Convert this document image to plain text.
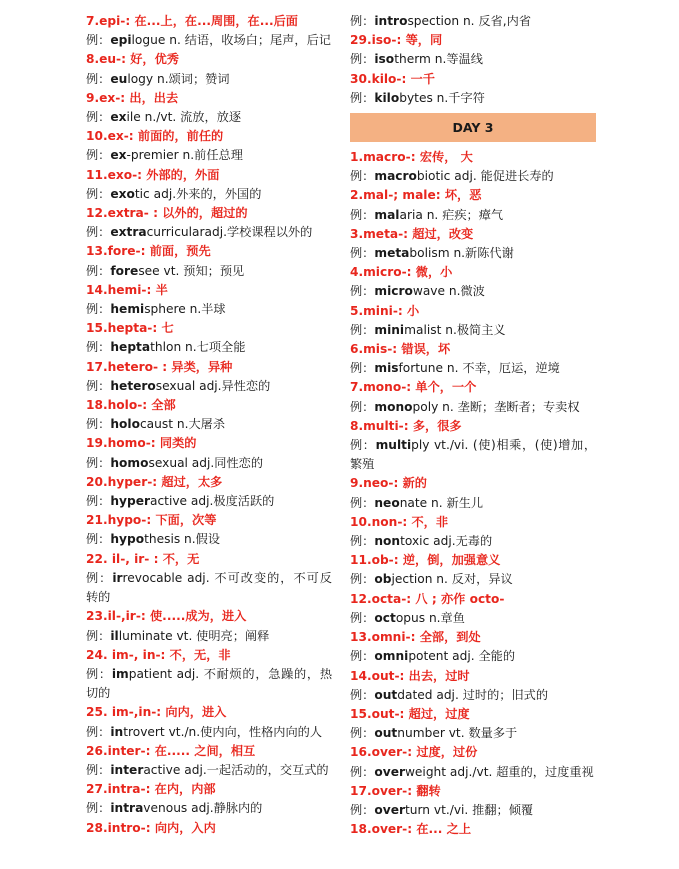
7.epi-: 在...上，在...周围，在...后面

例：epilogue n. 结语，收场白；尾声，后记

8.eu-: 好，优秀

例：eulogy n.颂词；赞词

9.ex-: 出，出去

例：exile n./vt. 流放，放逐

10.ex-: 前面的，前任的

例：ex-premier n.前任总理

11.exo-: 外部的，外面

例：exotic adj.外来的，外国的

12.extra- : 以外的，超过的

例：extracurricularadj.学校课程以外的

13.fore-: 前面，预先

例：foresee vt. 预知；预见

14.hemi-: 半

例：hemisphere n.半球

15.hepta-: 七

例：heptathlon n.七项全能

17.hetero- : 异类，异种

例：heterosexual adj.异性恋的

18.holo-: 全部

例：holocaust n.大屠杀

19.homo-: 同类的

例：homosexual adj.同性恋的

20.hyper-: 超过，太多

例：hyperactive adj.极度活跃的

21.hypo-: 下面，次等

例：hypothesis n.假设

22. il-, ir- : 不，无

例：irrevocable adj. 不可改变的，不可反转的

23.il-,ir-: 使.....成为，进入

例：illuminate vt. 使明亮；阐释

24. im-, in-: 不，无，非

例：impatient adj. 不耐烦的，急躁的，热切的

25. im-,in-: 向内，进入

例：introvert vt./n.使内向，性格内向的人

26.inter-: 在..... 之间，相互

例：interactive adj.一起活动的，交互式的

27.intra-: 在内，内部

例：intravenous adj.静脉内的

28.intro-: 向内，入内

例：introspection n. 反省,内省

29.iso-: 等，同

例：isotherm n.等温线

30.kilo-: 一千

例：kilobytes n.千字符

DAY 3

1.macro-: 宏传， 大

例：macrobiotic adj. 能促进长寿的

2.mal-; male: 坏，恶

例：malaria n. 疟疾；瘴气

3.meta-: 超过，改变

例：metabolism n.新陈代谢

4.micro-: 微，小

例：microwave n.微波

5.mini-: 小

例：minimalist n.极简主义

6.mis-: 错误，坏

例：misfortune n. 不幸，厄运，逆境

7.mono-: 单个，一个

例：monopoly n. 垄断；垄断者；专卖权

8.multi-: 多，很多

例：multiply vt./vi. (使)相乘，(使)增加，繁殖

9.neo-: 新的

例：neonate n. 新生儿

10.non-: 不，非

例：nontoxic adj.无毒的

11.ob-: 逆，倒，加强意义

例：objection n. 反对，异议

12.octa-: 八 ; 亦作 octo-

例：octopus n.章鱼

13.omni-: 全部，到处

例：omnipotent adj. 全能的

14.out-: 出去，过时

例：outdated adj. 过时的；旧式的

15.out-: 超过，过度

例：outnumber vt. 数量多于

16.over-: 过度，过份

例：overweight adj./vt. 超重的，过度重视

17.over-: 翻转

例：overturn vt./vi. 推翻；倾覆

18.over-: 在... 之上
